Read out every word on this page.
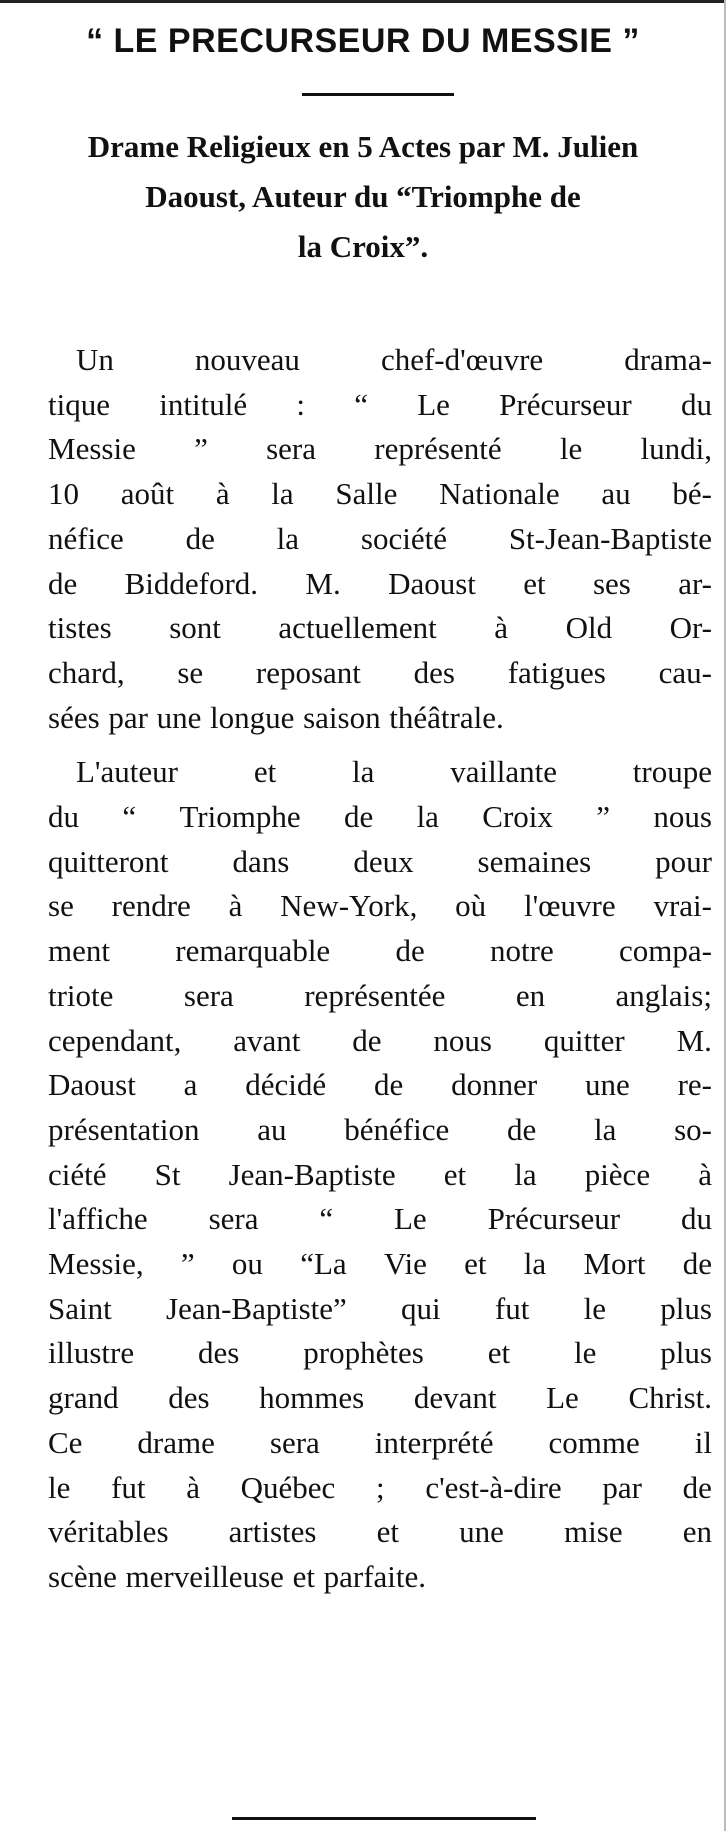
“ LE PRECURSEUR DU MESSIE ”
Drame Religieux en 5 Actes par M. Julien
Daoust, Auteur du “Triomphe de
la Croix”.
Un	nouveau	chef-d'œuvre	drama-
tique intitulé : “ Le Précurseur du
Messie ” sera représenté le lundi,
10 août à la Salle Nationale au bé-
néfice de la société St-Jean-Baptiste
de Biddeford. M. Daoust et ses ar-
tistes sont actuellement à Old Or-
chard, se reposant des fatigues cau-
sées par une longue saison théâtrale.
L'auteur et la vaillante troupe
du “ Triomphe de la Croix ” nous
quitteront dans deux semaines pour
se rendre à New-York, où l'œuvre vrai-
ment remarquable de notre compa-
triote sera représentée en anglais;
cependant, avant de nous quitter M.
Daoust a décidé de donner une re-
présentation au bénéfice de la so-
ciété St Jean-Baptiste et la pièce à
l'affiche sera “ Le Précurseur du
Messie, ” ou “La Vie et la Mort de
Saint Jean-Baptiste” qui fut le plus
illustre des prophètes et le plus
grand des hommes devant Le Christ.
Ce drame sera interprété comme il
le fut à Québec ; c'est-à-dire par de
véritables artistes et une mise en
scène merveilleuse et parfaite.
